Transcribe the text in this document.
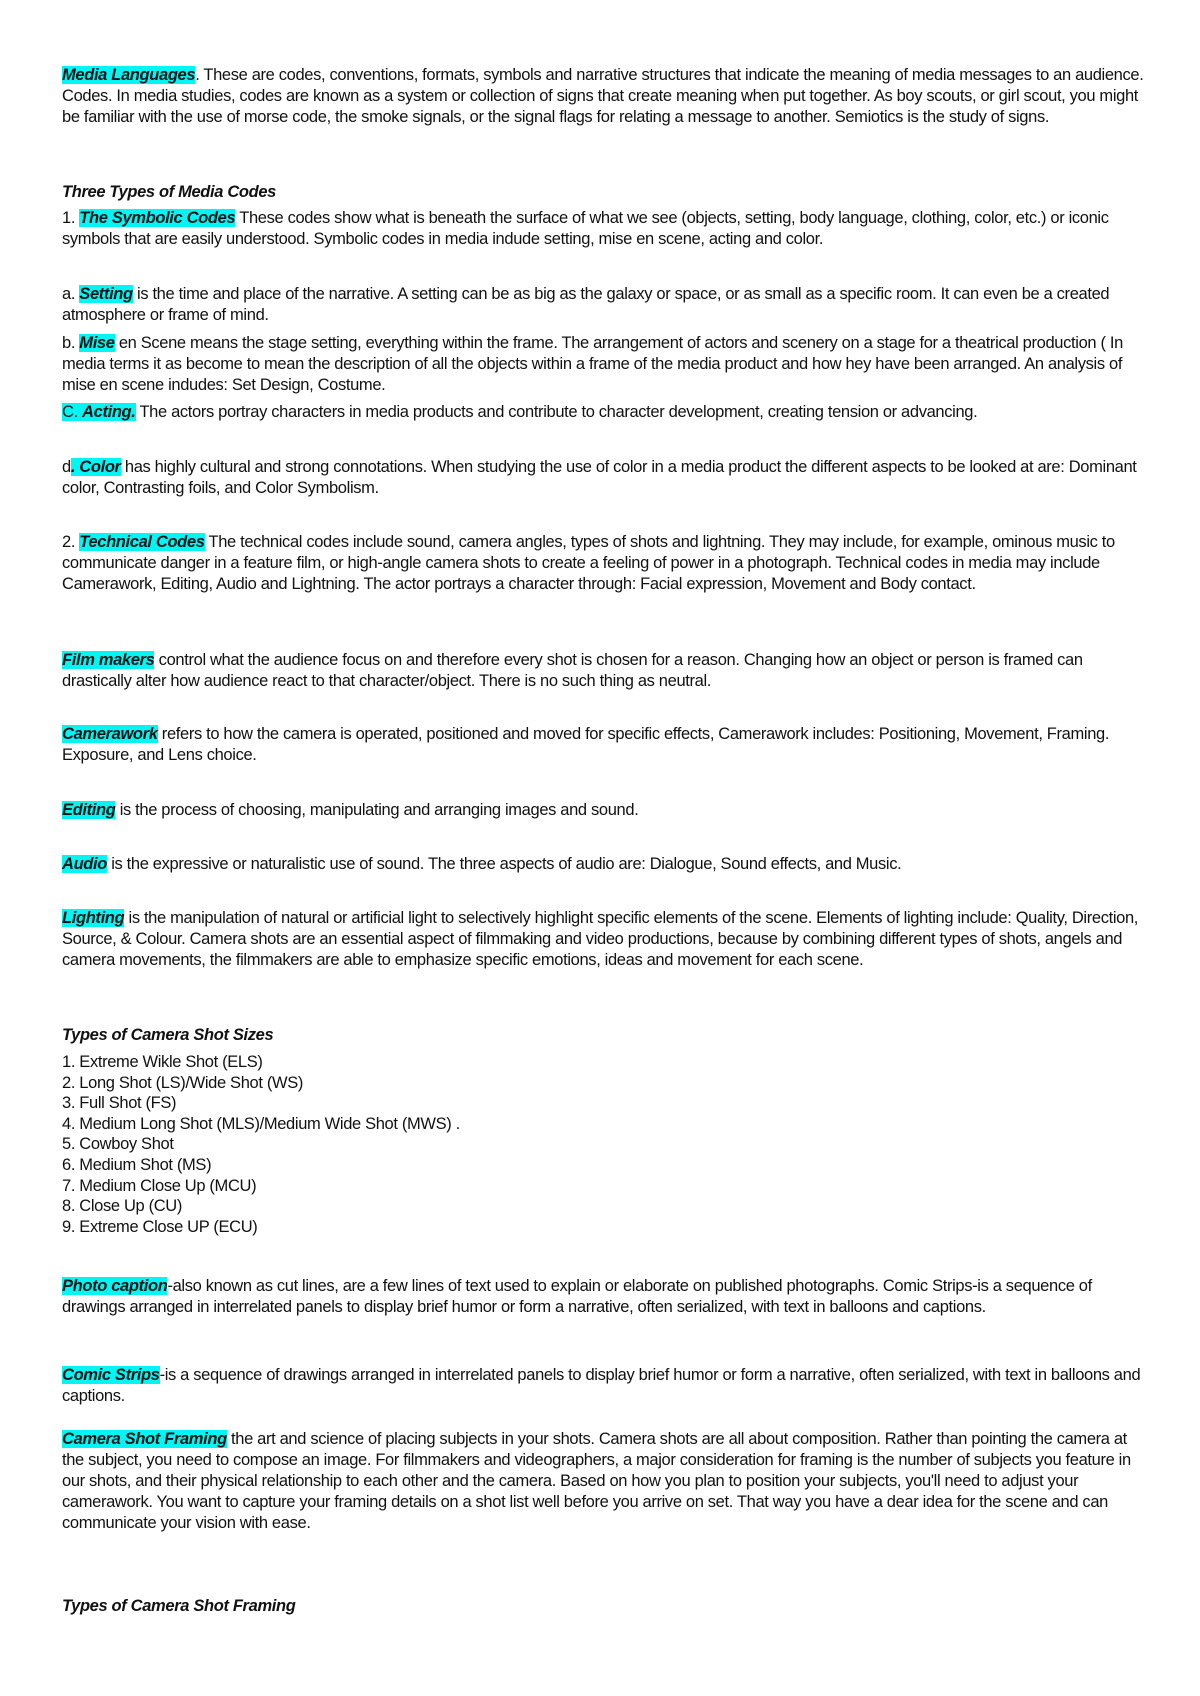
Media Languages. These are codes, conventions, formats, symbols and narrative structures that indicate the meaning of media messages to an audience. Codes. In media studies, codes are known as a system or collection of signs that create meaning when put together. As boy scouts, or girl scout, you might be familiar with the use of morse code, the smoke signals, or the signal flags for relating a message to another. Semiotics is the study of signs.

Three Types of Media Codes

1. The Symbolic Codes These codes show what is beneath the surface of what we see (objects, setting, body language, clothing, color, etc.) or iconic symbols that are easily understood. Symbolic codes in media indude setting, mise en scene, acting and color.

a. Setting is the time and place of the narrative. A setting can be as big as the galaxy or space, or as small as a specific room. It can even be a created atmosphere or frame of mind.

b. Mise en Scene means the stage setting, everything within the frame. The arrangement of actors and scenery on a stage for a theatrical production ( In media terms it as become to mean the description of all the objects within a frame of the media product and how hey have been arranged. An analysis of mise en scene indudes: Set Design, Costume.

C. Acting. The actors portray characters in media products and contribute to character development, creating tension or advancing.

d. Color has highly cultural and strong connotations. When studying the use of color in a media product the different aspects to be looked at are: Dominant color, Contrasting foils, and Color Symbolism.

2. Technical Codes The technical codes include sound, camera angles, types of shots and lightning. They may include, for example, ominous music to communicate danger in a feature film, or high-angle camera shots to create a feeling of power in a photograph. Technical codes in media may include Camerawork, Editing, Audio and Lightning. The actor portrays a character through: Facial expression, Movement and Body contact.

Film makers control what the audience focus on and therefore every shot is chosen for a reason. Changing how an object or person is framed can drastically alter how audience react to that character/object. There is no such thing as neutral.

Camerawork refers to how the camera is operated, positioned and moved for specific effects, Camerawork includes: Positioning, Movement, Framing. Exposure, and Lens choice.

Editing is the process of choosing, manipulating and arranging images and sound.

Audio is the expressive or naturalistic use of sound. The three aspects of audio are: Dialogue, Sound effects, and Music.

Lighting is the manipulation of natural or artificial light to selectively highlight specific elements of the scene. Elements of lighting include: Quality, Direction, Source, & Colour. Camera shots are an essential aspect of filmmaking and video productions, because by combining different types of shots, angels and camera movements, the filmmakers are able to emphasize specific emotions, ideas and movement for each scene.

Types of Camera Shot Sizes

1. Extreme Wikle Shot (ELS)
2. Long Shot (LS)/Wide Shot (WS)
3. Full Shot (FS)
4. Medium Long Shot (MLS)/Medium Wide Shot (MWS) .
5. Cowboy Shot
6. Medium Shot (MS)
7. Medium Close Up (MCU)
8. Close Up (CU)
9. Extreme Close UP (ECU)

Photo caption-also known as cut lines, are a few lines of text used to explain or elaborate on published photographs. Comic Strips-is a sequence of drawings arranged in interrelated panels to display brief humor or form a narrative, often serialized, with text in balloons and captions.

Comic Strips-is a sequence of drawings arranged in interrelated panels to display brief humor or form a narrative, often serialized, with text in balloons and captions.

Camera Shot Framing the art and science of placing subjects in your shots. Camera shots are all about composition. Rather than pointing the camera at the subject, you need to compose an image. For filmmakers and videographers, a major consideration for framing is the number of subjects you feature in our shots, and their physical relationship to each other and the camera. Based on how you plan to position your subjects, you'll need to adjust your camerawork. You want to capture your framing details on a shot list well before you arrive on set. That way you have a dear idea for the scene and can communicate your vision with ease.

Types of Camera Shot Framing
